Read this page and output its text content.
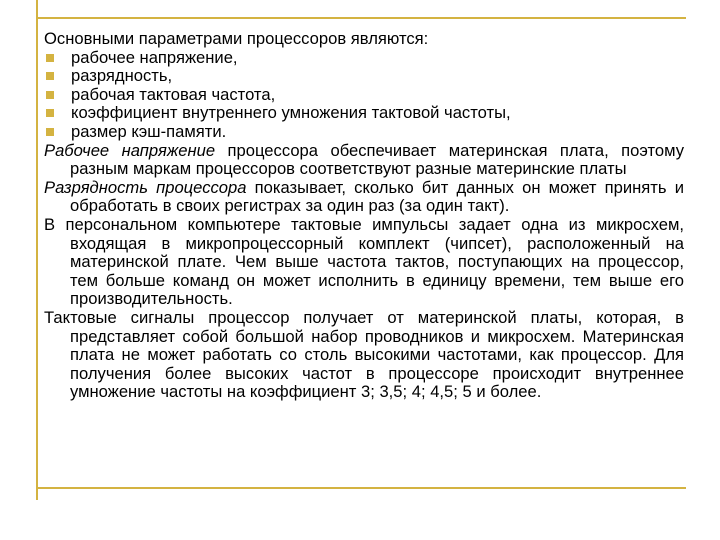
Основными параметрами процессоров являются:

рабочее напряжение,
разрядность,
рабочая тактовая частота,
коэффициент внутреннего умножения тактовой частоты,
размер кэш-памяти.

Рабочее напряжение процессора обеспечивает материнская плата, поэтому разным маркам процессоров соответствуют разные материнские платы

Разрядность процессора показывает, сколько бит данных он может принять и обработать в своих регистрах за один раз (за один такт).

В персональном компьютере тактовые импульсы задает одна из микросхем, входящая в микропроцессорный комплект (чипсет), расположенный на материнской плате. Чем выше частота тактов, поступающих на процессор, тем больше команд он может исполнить в единицу времени, тем выше его производительность.

Тактовые сигналы процессор получает от материнской платы, которая, в представляет собой большой набор проводников и микросхем. Материнская плата не может работать со столь высокими частотами, как процессор. Для получения более высоких частот в процессоре происходит внутреннее умножение частоты на коэффициент 3; 3,5; 4; 4,5; 5 и более.
